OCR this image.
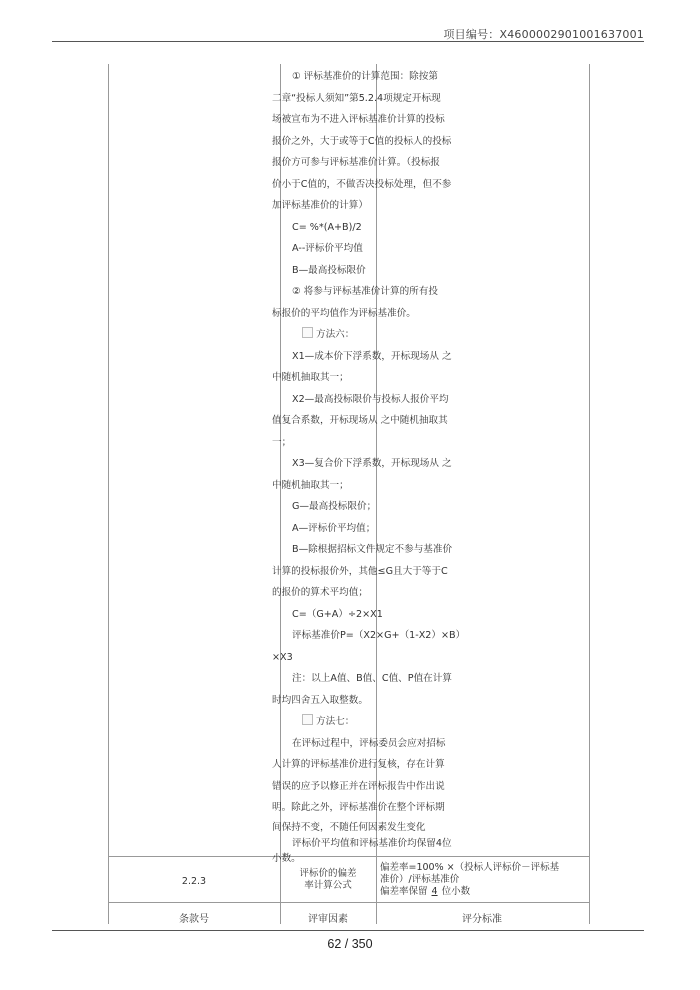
项目编号：X4600002901001637001

① 评标基准价的计算范围：除按第

二章“投标人须知”第5.2.4项规定开标现

场被宣布为不进入评标基准价计算的投标

报价之外，大于或等于C值的投标人的投标

报价方可参与评标基准价计算。（投标报

价小于C值的，不做否决投标处理，但不参

加评标基准价的计算）

C= %*(A+B)/2

A--评标价平均值

B—最高投标限价

② 将参与评标基准价计算的所有投

标报价的平均值作为评标基准价。

方法六：

X1—成本价下浮系数，开标现场从 之

中随机抽取其一；

X2—最高投标限价与投标人报价平均

值复合系数，开标现场从 之中随机抽取其

一；

X3—复合价下浮系数，开标现场从 之

中随机抽取其一；

G—最高投标限价；

A—评标价平均值；

B—除根据招标文件规定不参与基准价

计算的投标报价外，其他≤G且大于等于C

的报价的算术平均值；

C=（G+A）÷2×X1

评标基准价P=（X2×G+（1-X2）×B）

×X3

注：以上A值、B值、C值、P值在计算

时均四舍五入取整数。

方法七：

在评标过程中，评标委员会应对招标

人计算的评标基准价进行复核，存在计算

错误的应予以修正并在评标报告中作出说

明。除此之外，评标基准价在整个评标期

间保持不变，不随任何因素发生变化

评标价平均值和评标基准价均保留4位

小数。

2.2.3
评标价的偏差
率计算公式
偏差率=100% ×（投标人评标价－评标基
准价）/评标基准价
偏差率保留 4 位小数
条款号	评审因素	评分标准
62 / 350
